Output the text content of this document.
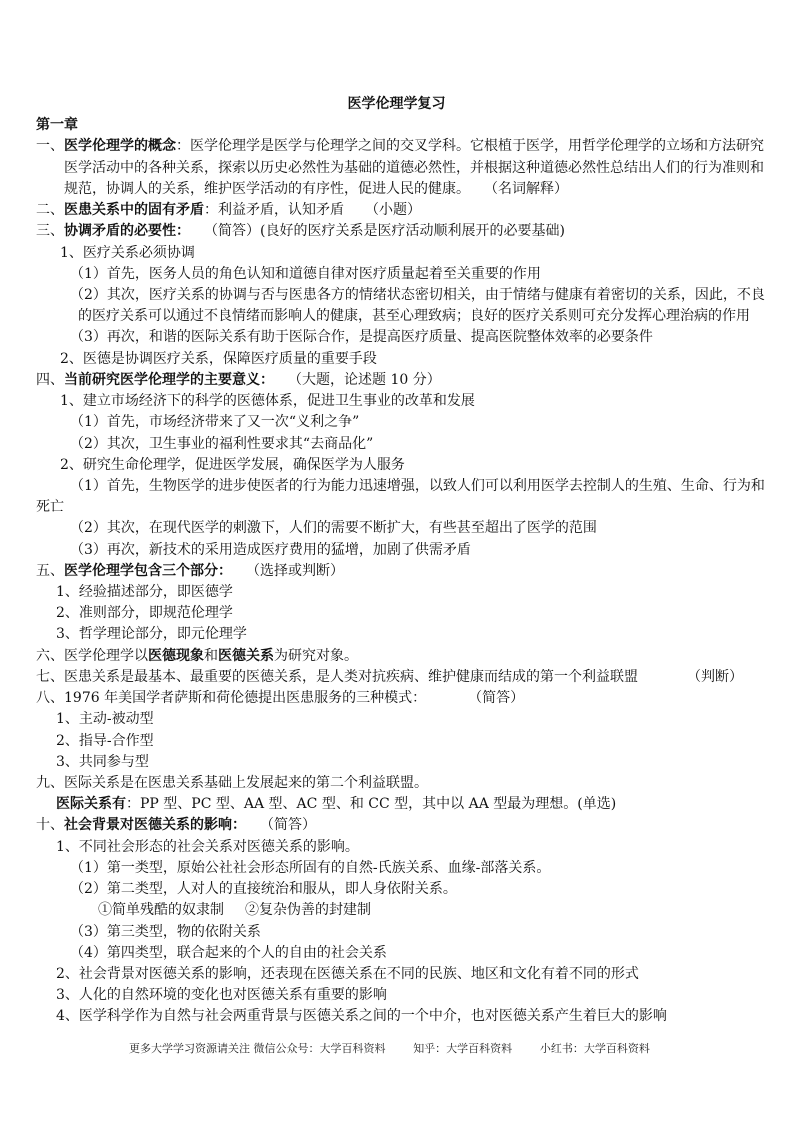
医学伦理学复习
第一章
一、医学伦理学的概念：医学伦理学是医学与伦理学之间的交叉学科。它根植于医学，用哲学伦理学的立场和方法研究
医学活动中的各种关系，探索以历史必然性为基础的道德必然性，并根据这种道德必然性总结出人们的行为准则和
规范，协调人的关系，维护医学活动的有序性，促进人民的健康。 （名词解释）
二、医患关系中的固有矛盾：利益矛盾，认知矛盾 （小题）
三、协调矛盾的必要性： （简答）(良好的医疗关系是医疗活动顺利展开的必要基础)
1、医疗关系必须协调
（1）首先，医务人员的角色认知和道德自律对医疗质量起着至关重要的作用
（2）其次，医疗关系的协调与否与医患各方的情绪状态密切相关，由于情绪与健康有着密切的关系，因此，不良
的医疗关系可以通过不良情绪而影响人的健康，甚至心理致病；良好的医疗关系则可充分发挥心理治病的作用
（3）再次，和谐的医际关系有助于医际合作，是提高医疗质量、提高医院整体效率的必要条件
2、医德是协调医疗关系，保障医疗质量的重要手段
四、当前研究医学伦理学的主要意义： （大题，论述题 10 分）
1、建立市场经济下的科学的医德体系，促进卫生事业的改革和发展
（1）首先，市场经济带来了又一次“义利之争”
（2）其次，卫生事业的福利性要求其“去商品化”
2、研究生命伦理学，促进医学发展，确保医学为人服务
（1）首先，生物医学的进步使医者的行为能力迅速增强，以致人们可以利用医学去控制人的生殖、生命、行为和
死亡
（2）其次，在现代医学的刺激下，人们的需要不断扩大，有些甚至超出了医学的范围
（3）再次，新技术的采用造成医疗费用的猛增，加剧了供需矛盾
五、医学伦理学包含三个部分： （选择或判断）
1、经验描述部分，即医德学
2、准则部分，即规范伦理学
3、哲学理论部分，即元伦理学
六、医学伦理学以医德现象和医德关系为研究对象。
七、医患关系是最基本、最重要的医德关系，是人类对抗疾病、维护健康而结成的第一个利益联盟	（判断）
八、1976 年美国学者萨斯和荷伦德提出医患服务的三种模式：	（简答）
1、主动-被动型
2、指导-合作型
3、共同参与型
九、医际关系是在医患关系基础上发展起来的第二个利益联盟。
医际关系有：PP 型、PC 型、AA 型、AC 型、和 CC 型，其中以 AA 型最为理想。(单选)
十、社会背景对医德关系的影响： （简答）
1、不同社会形态的社会关系对医德关系的影响。
（1）第一类型，原始公社社会形态所固有的自然-氏族关系、血缘-部落关系。
（2）第二类型，人对人的直接统治和服从，即人身依附关系。
①简单残酷的奴隶制 ②复杂伪善的封建制
（3）第三类型，物的依附关系
（4）第四类型，联合起来的个人的自由的社会关系
2、社会背景对医德关系的影响，还表现在医德关系在不同的民族、地区和文化有着不同的形式
3、人化的自然环境的变化也对医德关系有重要的影响
4、医学科学作为自然与社会两重背景与医德关系之间的一个中介，也对医德关系产生着巨大的影响
更多大学学习资源请关注 微信公众号：大学百科资料	知乎：大学百科资料	小红书：大学百科资料
